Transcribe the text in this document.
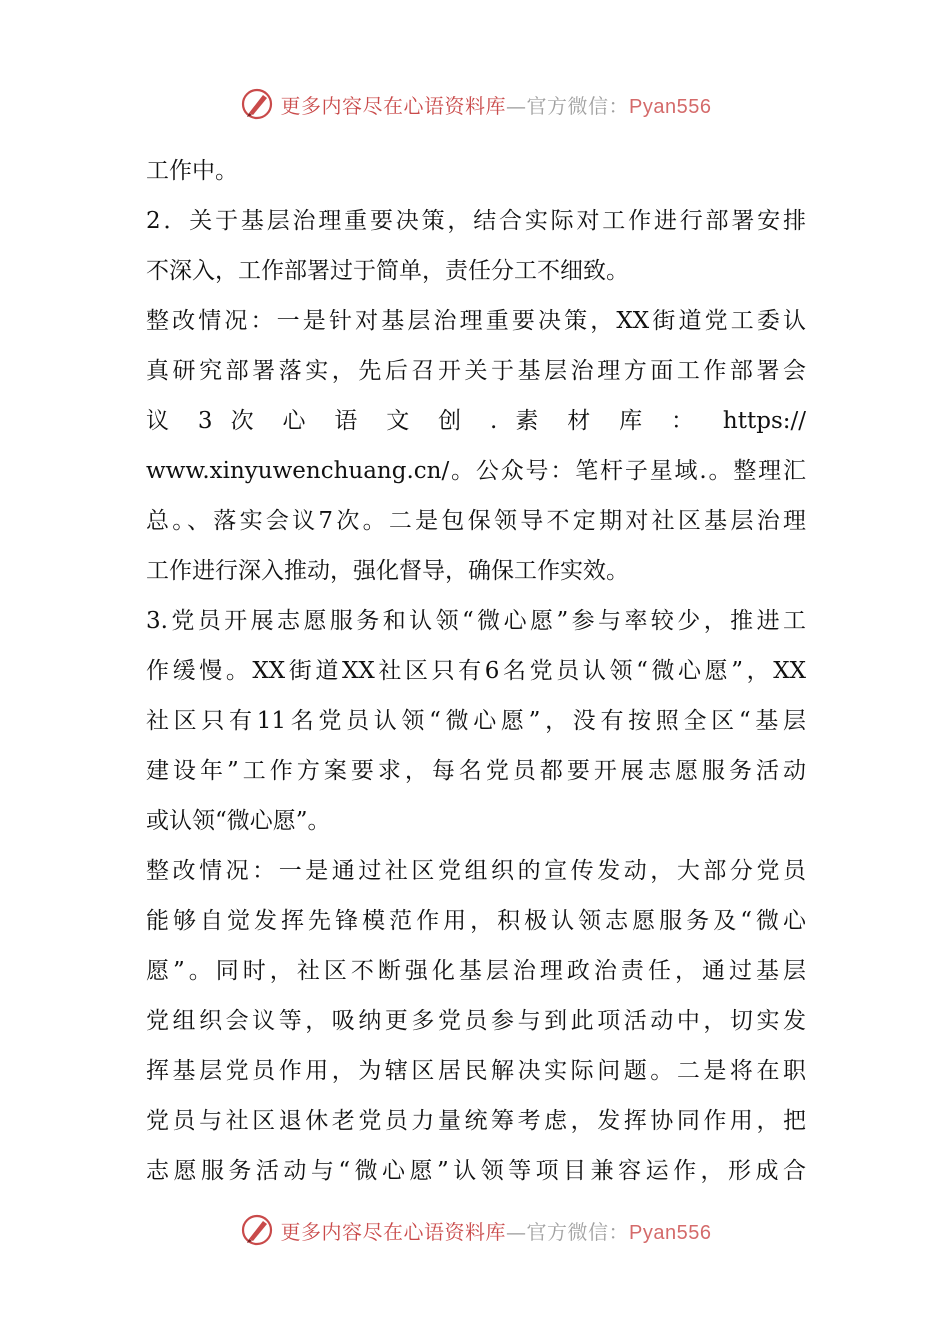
更多内容尽在心语资料库—官方微信：Pyan556
工作中。
2．关于基层治理重要决策，结合实际对工作进行部署安排
不深入，工作部署过于简单，责任分工不细致。
整改情况：一是针对基层治理重要决策，XX街道党工委认
真研究部署落实，先后召开关于基层治理方面工作部署会
议 3 次 心 语 文 创 . 素 材 库 ： https://
www.xinyuwenchuang.cn/。公众号：笔杆子星域.。整理汇
总。、落实会议7次。二是包保领导不定期对社区基层治理
工作进行深入推动，强化督导，确保工作实效。
3.党员开展志愿服务和认领“微心愿”参与率较少，推进工
作缓慢。XX街道XX社区只有6名党员认领“微心愿”，XX
社区只有11名党员认领“微心愿”，没有按照全区“基层
建设年”工作方案要求，每名党员都要开展志愿服务活动
或认领“微心愿”。
整改情况：一是通过社区党组织的宣传发动，大部分党员
能够自觉发挥先锋模范作用，积极认领志愿服务及“微心
愿”。同时，社区不断强化基层治理政治责任，通过基层
党组织会议等，吸纳更多党员参与到此项活动中，切实发
挥基层党员作用，为辖区居民解决实际问题。二是将在职
党员与社区退休老党员力量统筹考虑，发挥协同作用，把
志愿服务活动与“微心愿”认领等项目兼容运作，形成合
更多内容尽在心语资料库—官方微信：Pyan556
